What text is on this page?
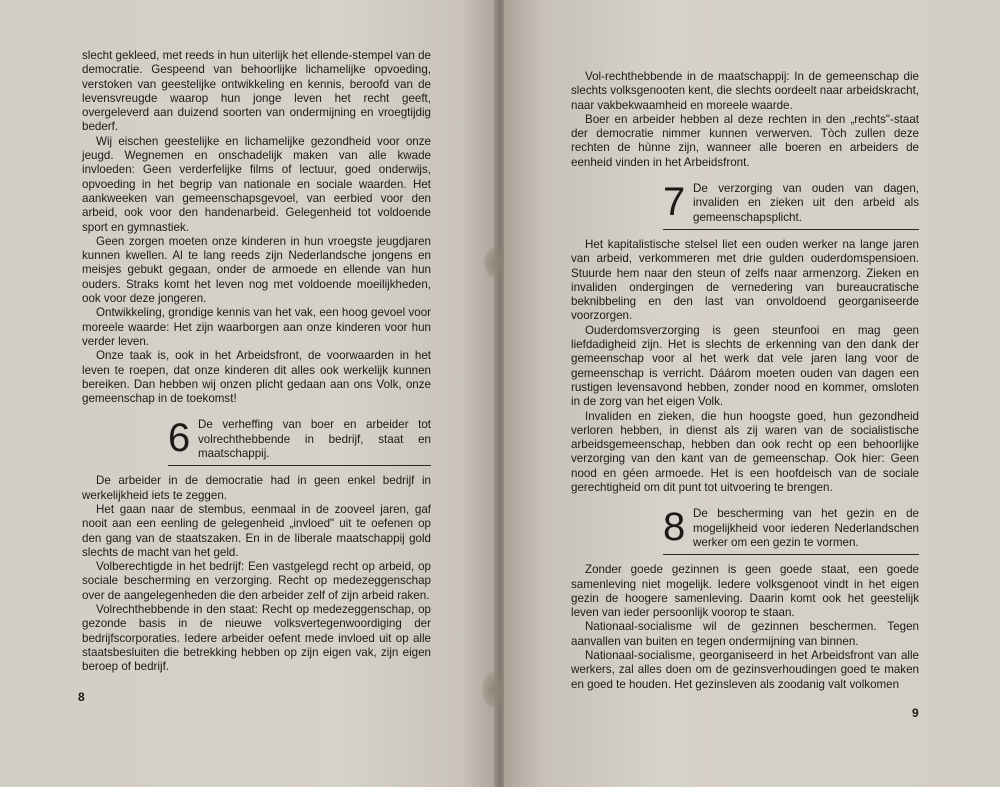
slecht gekleed, met reeds in hun uiterlijk het ellende-stempel van de democratie. Gespeend van behoorlijke lichamelijke opvoeding, verstoken van geestelijke ontwikkeling en kennis, beroofd van de levensvreugde waarop hun jonge leven het recht geeft, overgeleverd aan duizend soorten van ondermijning en vroegtijdig bederf.

Wij eischen geestelijke en lichamelijke gezondheid voor onze jeugd. Wegnemen en onschadelijk maken van alle kwade invloeden: Geen verderfelijke films of lectuur, goed onderwijs, opvoeding in het begrip van nationale en sociale waarden. Het aankweeken van gemeenschapsgevoel, van eerbied voor den arbeid, ook voor den handenarbeid. Gelegenheid tot voldoende sport en gymnastiek.

Geen zorgen moeten onze kinderen in hun vroegste jeugdjaren kunnen kwellen. Al te lang reeds zijn Nederlandsche jongens en meisjes gebukt gegaan, onder de armoede en ellende van hun ouders. Straks komt het leven nog met voldoende moeilijkheden, ook voor deze jongeren.

Ontwikkeling, grondige kennis van het vak, een hoog gevoel voor moreele waarde: Het zijn waarborgen aan onze kinderen voor hun verder leven.

Onze taak is, ook in het Arbeidsfront, de voorwaarden in het leven te roepen, dat onze kinderen dit alles ook werkelijk kunnen bereiken. Dan hebben wij onzen plicht gedaan aan ons Volk, onze gemeenschap in de toekomst!

6 De verheffing van boer en arbeider tot volrechthebbende in bedrijf, staat en maatschappij.

De arbeider in de democratie had in geen enkel bedrijf in werkelijkheid iets te zeggen.

Het gaan naar de stembus, eenmaal in de zooveel jaren, gaf nooit aan een eenling de gelegenheid „invloed" uit te oefenen op den gang van de staatszaken. En in de liberale maatschappij gold slechts de macht van het geld.

Volberechtigde in het bedrijf: Een vastgelegd recht op arbeid, op sociale bescherming en verzorging. Recht op medezeggenschap over de aangelegenheden die den arbeider zelf of zijn arbeid raken.

Volrechthebbende in den staat: Recht op medezeggenschap, op gezonde basis in de nieuwe volksvertegenwoordiging der bedrijfscorporaties. Iedere arbeider oefent mede invloed uit op alle staatsbesluiten die betrekking hebben op zijn eigen vak, zijn eigen beroep of bedrijf.

8

Vol-rechthebbende in de maatschappij: In de gemeenschap die slechts volksgenooten kent, die slechts oordeelt naar arbeidskracht, naar vakbekwaamheid en moreele waarde.

Boer en arbeider hebben al deze rechten in den „rechts"-staat der democratie nimmer kunnen verwerven. Tòch zullen deze rechten de hùnne zijn, wanneer alle boeren en arbeiders de eenheid vinden in het Arbeidsfront.

7 De verzorging van ouden van dagen, invaliden en zieken uit den arbeid als gemeenschapsplicht.

Het kapitalistische stelsel liet een ouden werker na lange jaren van arbeid, verkommeren met drie gulden ouderdomspensioen. Stuurde hem naar den steun of zelfs naar armenzorg. Zieken en invaliden ondergingen de vernedering van bureaucratische beknibbeling en den last van onvoldoend georganiseerde voorzorgen.

Ouderdomsverzorging is geen steunfooi en mag geen liefdadigheid zijn. Het is slechts de erkenning van den dank der gemeenschap voor al het werk dat vele jaren lang voor de gemeenschap is verricht. Dáárom moeten ouden van dagen een rustigen levensavond hebben, zonder nood en kommer, omsloten in de zorg van het eigen Volk.

Invaliden en zieken, die hun hoogste goed, hun gezondheid verloren hebben, in dienst als zij waren van de socialistische arbeidsgemeenschap, hebben dan ook recht op een behoorlijke verzorging van den kant van de gemeenschap. Ook hier: Geen nood en géen armoede. Het is een hoofdeisch van de sociale gerechtigheid om dit punt tot uitvoering te brengen.

8 De bescherming van het gezin en de mogelijkheid voor iederen Nederlandschen werker om een gezin te vormen.

Zonder goede gezinnen is geen goede staat, een goede samenleving niet mogelijk. Iedere volksgenoot vindt in het eigen gezin de hoogere samenleving. Daarin komt ook het geestelijk leven van ieder persoonlijk voorop te staan.

Nationaal-socialisme wil de gezinnen beschermen. Tegen aanvallen van buiten en tegen ondermijning van binnen.

Nationaal-socialisme, georganiseerd in het Arbeidsfront van alle werkers, zal alles doen om de gezinsverhoudingen goed te maken en goed te houden. Het gezinsleven als zoodanig valt volkomen

9
